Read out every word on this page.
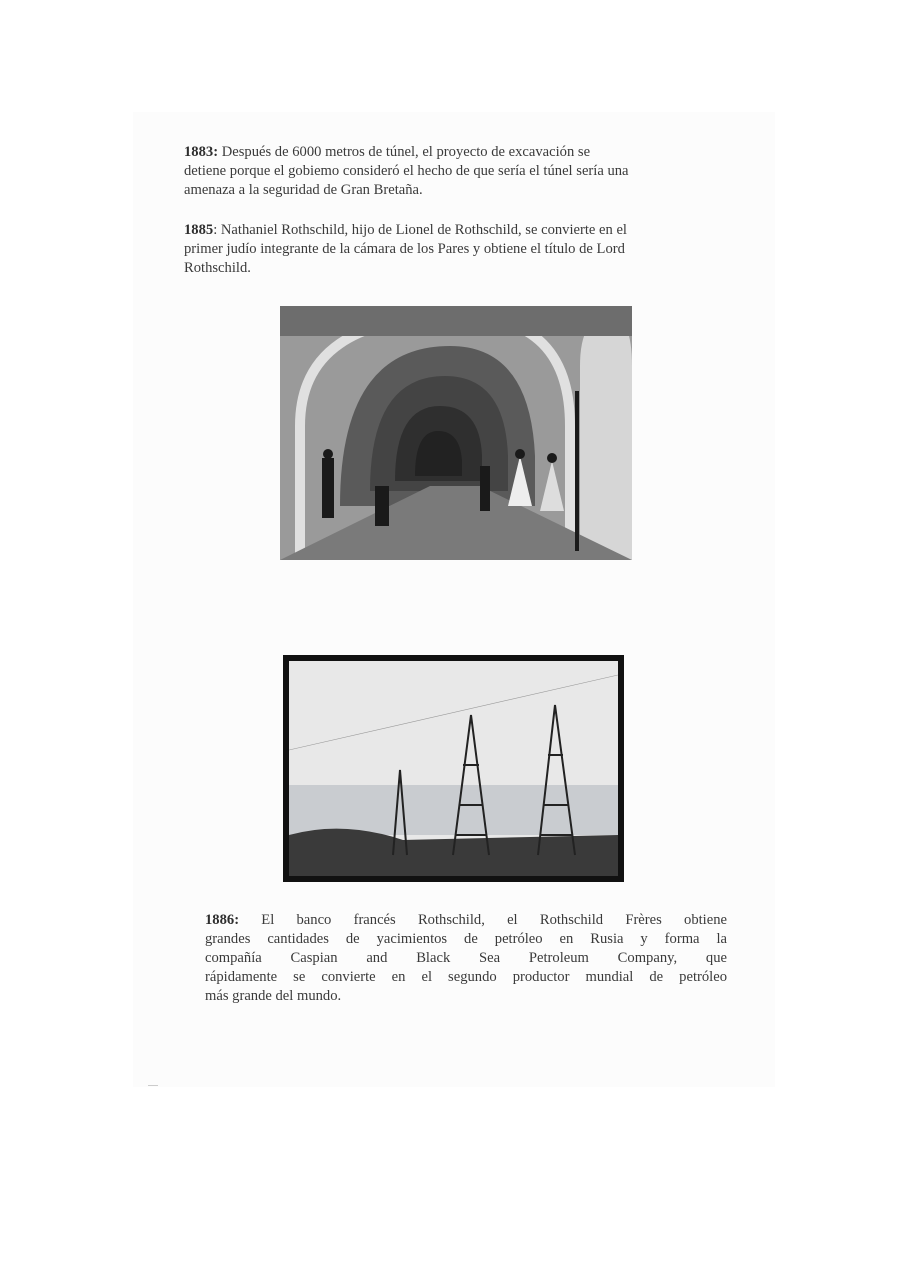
1883: Después de 6000 metros de túnel, el proyecto de excavación se
detiene porque el gobiemo consideró el hecho de que sería el túnel sería una
amenaza a la seguridad de Gran Bretaña.
1885: Nathaniel Rothschild, hijo de Lionel de Rothschild, se convierte en el
primer judío integrante de la cámara de los Pares y obtiene el título de Lord
Rothschild.
1886: El banco francés Rothschild, el Rothschild Frères obtiene
grandes cantidades de yacimientos de petróleo en Rusia y forma la
compañía Caspian and Black Sea Petroleum Company, que
rápidamente se convierte en el segundo productor mundial de petróleo
más grande del mundo.
